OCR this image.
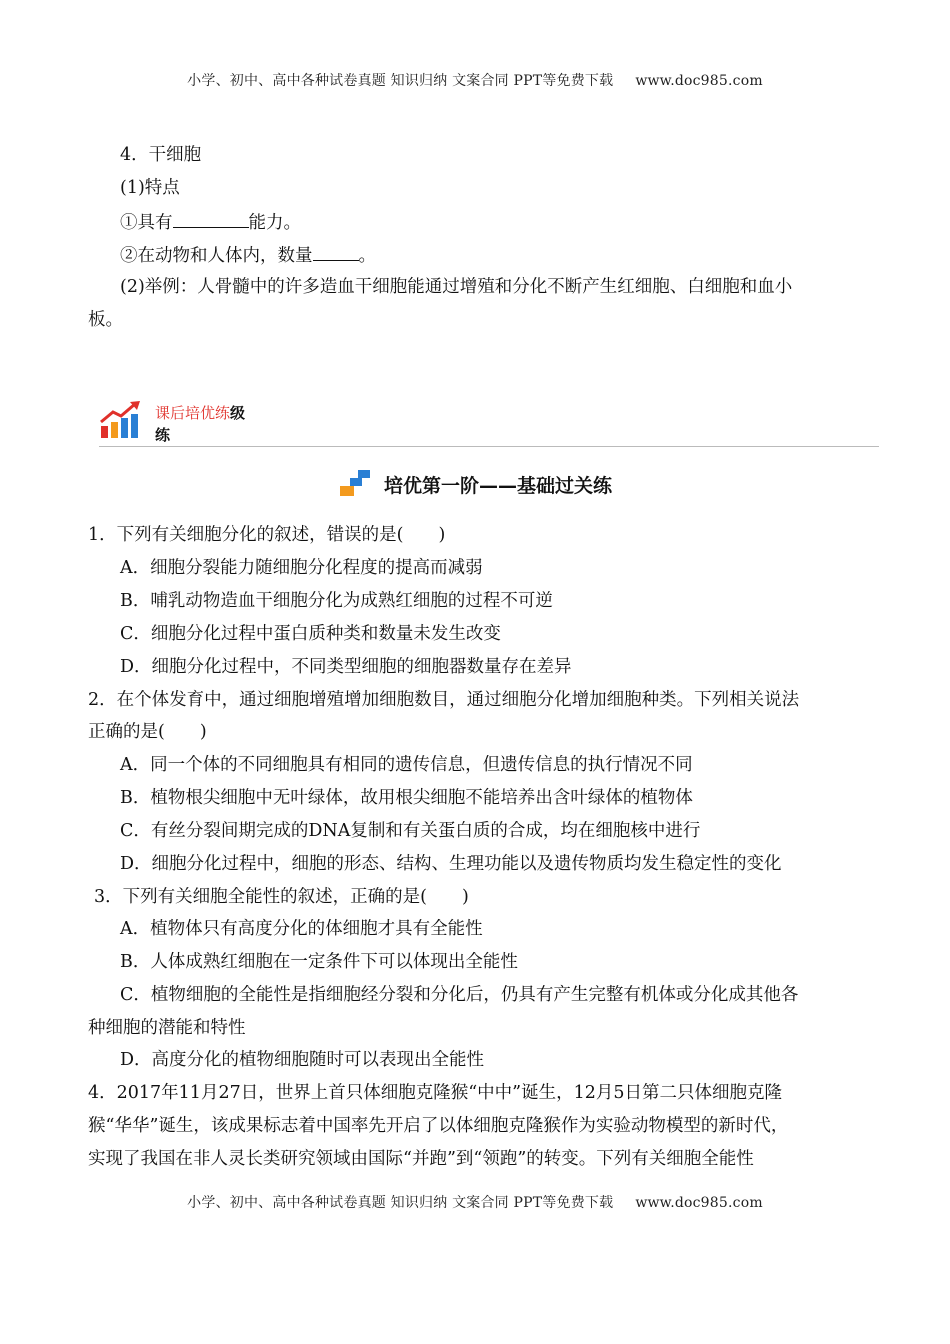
小学、初中、高中各种试卷真题 知识归纳 文案合同 PPT等免费下载 www.doc985.com
4．干细胞
(1)特点
①具有	能力。
②在动物和人体内，数量	。
(2)举例：人骨髓中的许多造血干细胞能通过增殖和分化不断产生红细胞、白细胞和血小
板。
课后培优练级
练
培优第一阶——基础过关练
1．下列有关细胞分化的叙述，错误的是(　　)
A．细胞分裂能力随细胞分化程度的提高而减弱
B．哺乳动物造血干细胞分化为成熟红细胞的过程不可逆
C．细胞分化过程中蛋白质种类和数量未发生改变
D．细胞分化过程中，不同类型细胞的细胞器数量存在差异
2．在个体发育中，通过细胞增殖增加细胞数目，通过细胞分化增加细胞种类。下列相关说法
正确的是(　　)
A．同一个体的不同细胞具有相同的遗传信息，但遗传信息的执行情况不同
B．植物根尖细胞中无叶绿体，故用根尖细胞不能培养出含叶绿体的植物体
C．有丝分裂间期完成的DNA复制和有关蛋白质的合成，均在细胞核中进行
D．细胞分化过程中，细胞的形态、结构、生理功能以及遗传物质均发生稳定性的变化
3．下列有关细胞全能性的叙述，正确的是(　　)
A．植物体只有高度分化的体细胞才具有全能性
B．人体成熟红细胞在一定条件下可以体现出全能性
C．植物细胞的全能性是指细胞经分裂和分化后，仍具有产生完整有机体或分化成其他各
种细胞的潜能和特性
D．高度分化的植物细胞随时可以表现出全能性
4．2017年11月27日，世界上首只体细胞克隆猴“中中”诞生，12月5日第二只体细胞克隆
猴“华华”诞生，该成果标志着中国率先开启了以体细胞克隆猴作为实验动物模型的新时代，
实现了我国在非人灵长类研究领域由国际“并跑”到“领跑”的转变。下列有关细胞全能性
小学、初中、高中各种试卷真题 知识归纳 文案合同 PPT等免费下载 www.doc985.com
